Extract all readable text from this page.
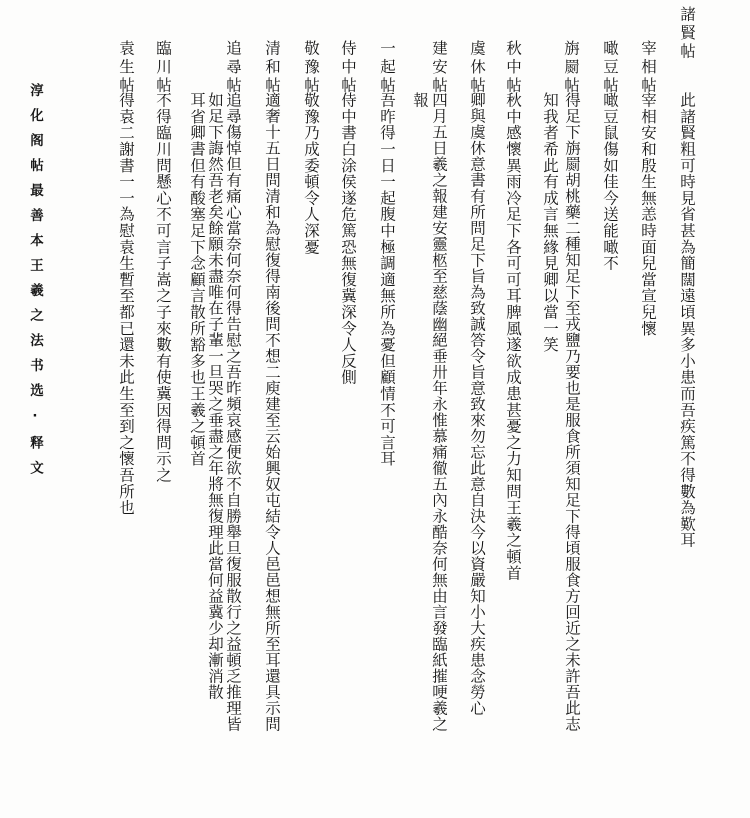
諸賢帖
此諸賢粗可時見省甚為簡闊遠頃異多小患而吾疾篤不得數為歎耳
宰相帖
宰相安和殷生無恙時面兒當宣兒懷
噉豆帖
噉豆鼠傷如佳今送能噉不
旃罽帖
得足下旃罽胡桃藥二種知足下至戎鹽乃要也是服食所須知足下得頃服食方回近之未許吾此志
知我者希此有成言無緣見卿以當一笑
秋中帖
秋中感懷異雨冷足下各可可耳脾風遂欲成患甚憂之力知問王羲之頓首
虞休帖
卿與虞休意書有所問足下旨為致誠答令旨意致來勿忘此意自決今以資嚴知小大疾患念勞心
建安帖
四月五日羲之報建安靈柩至慈蔭幽絕垂卅年永惟慕痛徹五內永酷奈何無由言發臨紙摧哽羲之
報
一起帖
吾昨得一日一起腹中極調適無所為憂但顧情不可言耳
侍中帖
侍中書白涂侯遂危篤恐無復冀深令人反側
敬豫帖
敬豫乃成委頓令人深憂
清和帖
適奢十五日問清和為慰復得南後問不想二庾建至云始興奴屯結令人邑邑想無所至耳還具示問
追尋帖
追尋傷悼但有痛心當奈何奈何得告慰之吾昨頻哀感便欲不自勝舉旦復服散行之益頓乏推理皆
如足下誨然吾老矣餘願未盡唯在子輩一旦哭之垂盡之年將無復理此當何益冀少却漸消散
耳省卿書但有酸塞足下念顧言散所豁多也王羲之頓首
臨川帖
不得臨川問懸心不可言子嵩之子來數有使冀因得問示之
袁生帖
得袁二謝書一一為慰袁生暫至都已還未此生至到之懷吾所也
淳化阁帖最善本王羲之法书选·释文
